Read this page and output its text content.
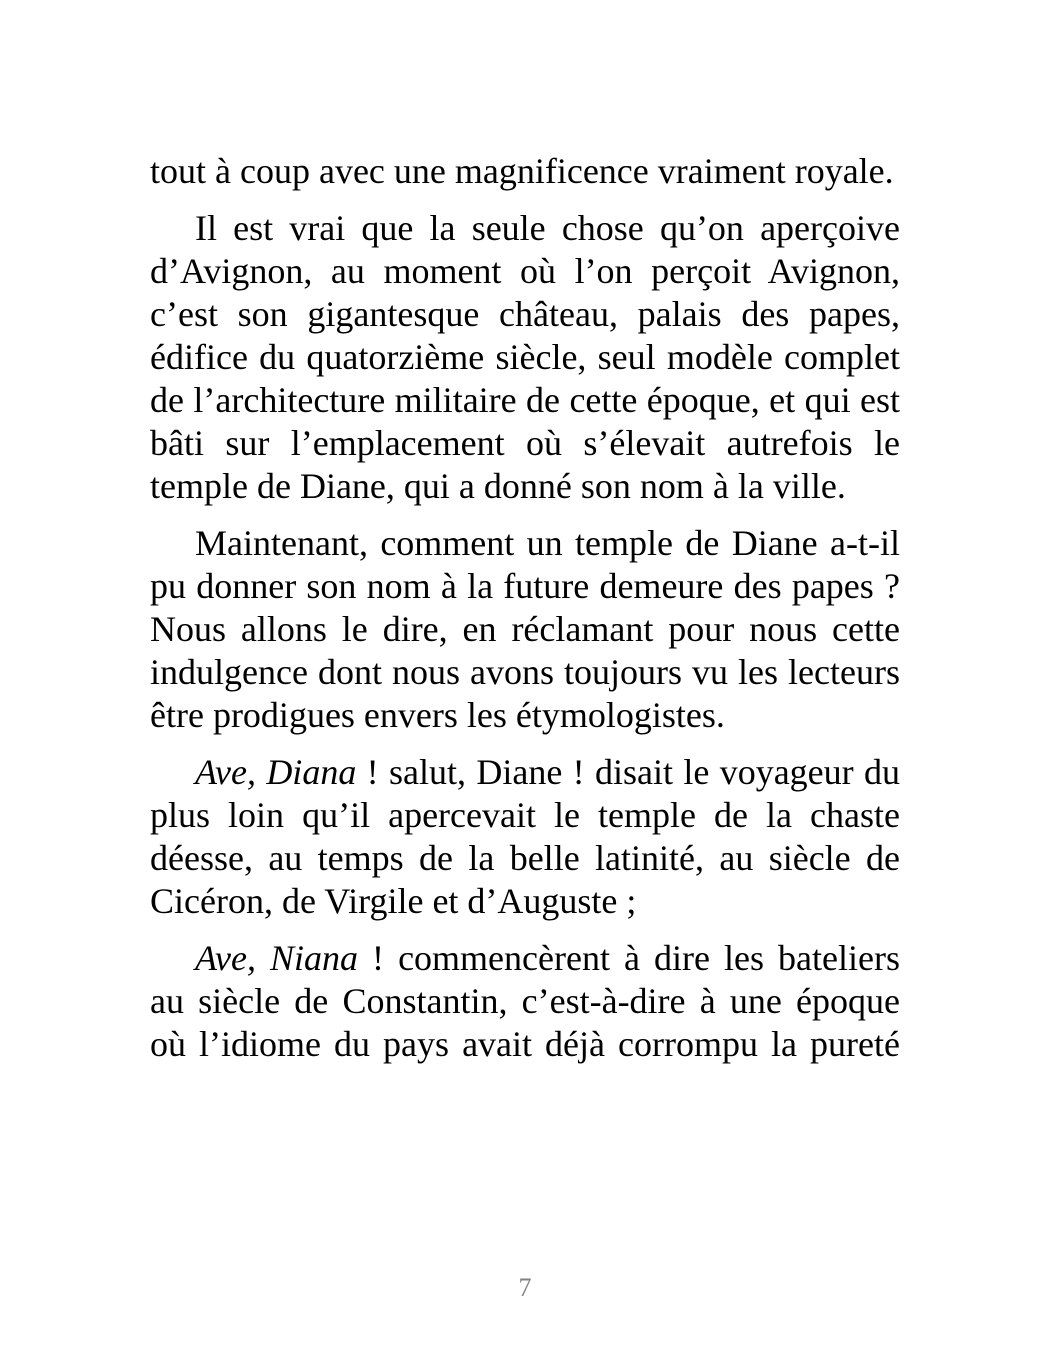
tout à coup avec une magnificence vraiment royale.

Il est vrai que la seule chose qu’on aperçoive d’Avignon, au moment où l’on perçoit Avignon, c’est son gigantesque château, palais des papes, édifice du quatorzième siècle, seul modèle complet de l’architecture militaire de cette époque, et qui est bâti sur l’emplacement où s’élevait autrefois le temple de Diane, qui a donné son nom à la ville.

Maintenant, comment un temple de Diane a-t-il pu donner son nom à la future demeure des papes ? Nous allons le dire, en réclamant pour nous cette indulgence dont nous avons toujours vu les lecteurs être prodigues envers les étymologistes.

Ave, Diana ! salut, Diane ! disait le voyageur du plus loin qu’il apercevait le temple de la chaste déesse, au temps de la belle latinité, au siècle de Cicéron, de Virgile et d’Auguste ;

Ave, Niana ! commencèrent à dire les bateliers au siècle de Constantin, c’est-à-dire à une époque où l’idiome du pays avait déjà corrompu la pureté

7
